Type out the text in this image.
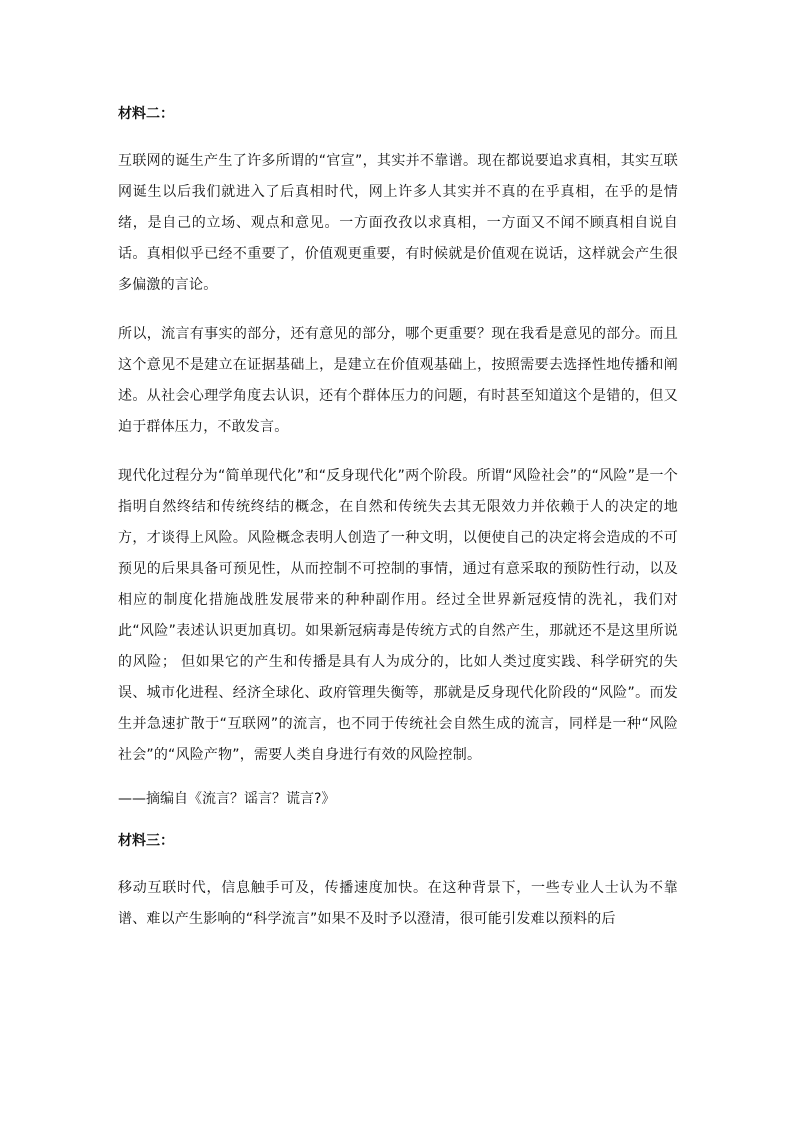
材料二：

互联网的诞生产生了许多所谓的“官宣”，其实并不靠谱。现在都说要追求真相，其实互联网诞生以后我们就进入了后真相时代，网上许多人其实并不真的在乎真相，在乎的是情绪，是自己的立场、观点和意见。一方面孜孜以求真相，一方面又不闻不顾真相自说自话。真相似乎已经不重要了，价值观更重要，有时候就是价值观在说话，这样就会产生很多偏激的言论。

所以，流言有事实的部分，还有意见的部分，哪个更重要？现在我看是意见的部分。而且这个意见不是建立在证据基础上，是建立在价值观基础上，按照需要去选择性地传播和阐述。从社会心理学角度去认识，还有个群体压力的问题，有时甚至知道这个是错的，但又迫于群体压力，不敢发言。

现代化过程分为“简单现代化”和“反身现代化”两个阶段。所谓“风险社会”的“风险”是一个指明自然终结和传统终结的概念，在自然和传统失去其无限效力并依赖于人的决定的地方，才谈得上风险。风险概念表明人创造了一种文明，以便使自己的决定将会造成的不可预见的后果具备可预见性，从而控制不可控制的事情，通过有意采取的预防性行动，以及相应的制度化措施战胜发展带来的种种副作用。经过全世界新冠疫情的洗礼，我们对此“风险”表述认识更加真切。如果新冠病毒是传统方式的自然产生，那就还不是这里所说的风险； 但如果它的产生和传播是具有人为成分的，比如人类过度实践、科学研究的失误、城市化进程、经济全球化、政府管理失衡等，那就是反身现代化阶段的“风险”。而发生并急速扩散于“互联网”的流言，也不同于传统社会自然生成的流言，同样是一种“风险社会”的“风险产物”，需要人类自身进行有效的风险控制。

——摘编自《流言？谣言？谎言?》

材料三：

移动互联时代，信息触手可及，传播速度加快。在这种背景下，一些专业人士认为不靠谱、难以产生影响的“科学流言”如果不及时予以澄清，很可能引发难以预料的后
